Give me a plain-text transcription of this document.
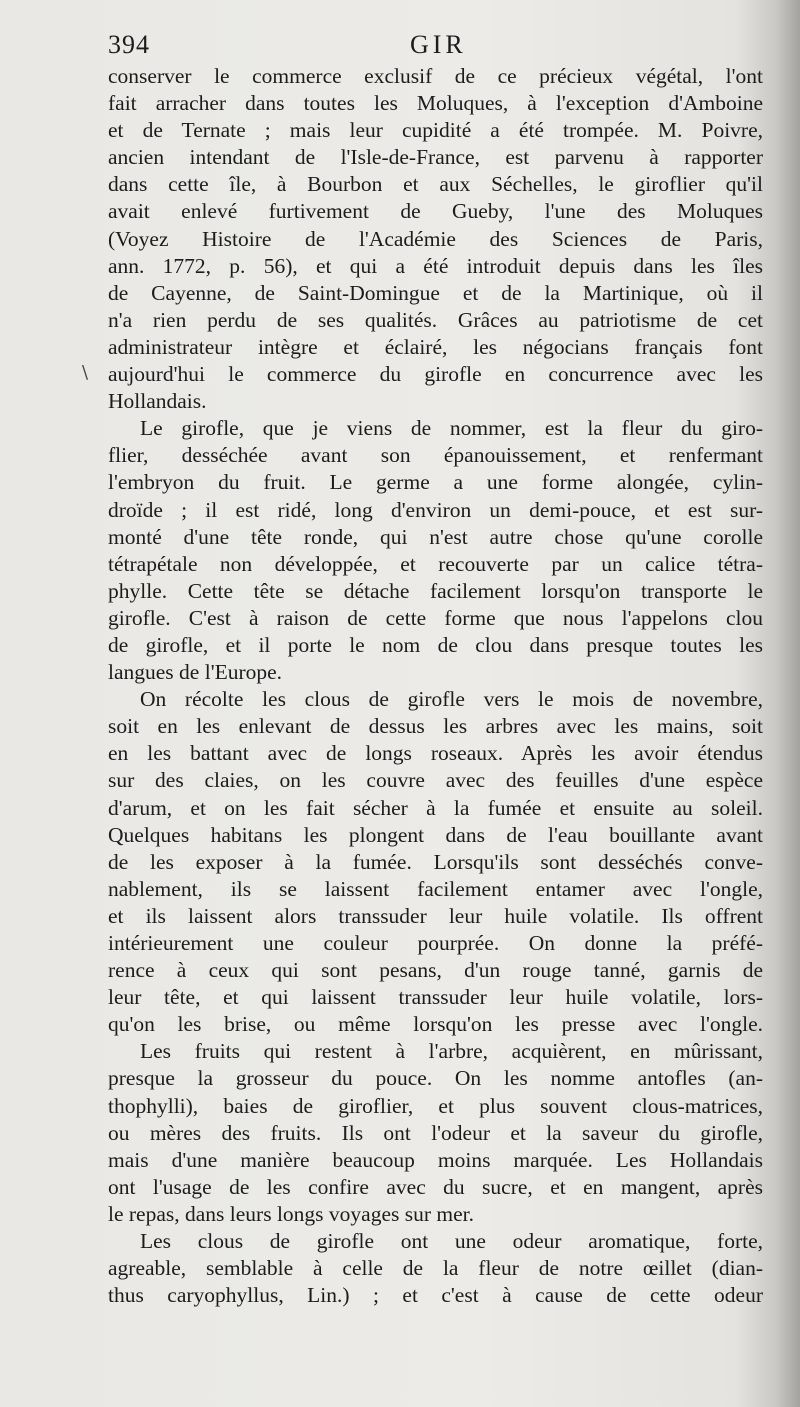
394	GIR
\
conserver le commerce exclusif de ce précieux végétal, l'ont
fait arracher dans toutes les Moluques, à l'exception d'Amboine
et de Ternate ; mais leur cupidité a été trompée. M. Poivre,
ancien intendant de l'Isle-de-France, est parvenu à rapporter
dans cette île, à Bourbon et aux Séchelles, le giroflier qu'il
avait enlevé furtivement de Gueby, l'une des Moluques
(Voyez Histoire de l'Académie des Sciences de Paris,
ann. 1772, p. 56), et qui a été introduit depuis dans les îles
de Cayenne, de Saint-Domingue et de la Martinique, où il
n'a rien perdu de ses qualités. Grâces au patriotisme de cet
administrateur intègre et éclairé, les négocians français font
aujourd'hui le commerce du girofle en concurrence avec les
Hollandais.
Le girofle, que je viens de nommer, est la fleur du giro-
flier, desséchée avant son épanouissement, et renfermant
l'embryon du fruit. Le germe a une forme alongée, cylin-
droïde ; il est ridé, long d'environ un demi-pouce, et est sur-
monté d'une tête ronde, qui n'est autre chose qu'une corolle
tétrapétale non développée, et recouverte par un calice tétra-
phylle. Cette tête se détache facilement lorsqu'on transporte le
girofle. C'est à raison de cette forme que nous l'appelons clou
de girofle, et il porte le nom de clou dans presque toutes les
langues de l'Europe.
On récolte les clous de girofle vers le mois de novembre,
soit en les enlevant de dessus les arbres avec les mains, soit
en les battant avec de longs roseaux. Après les avoir étendus
sur des claies, on les couvre avec des feuilles d'une espèce
d'arum, et on les fait sécher à la fumée et ensuite au soleil.
Quelques habitans les plongent dans de l'eau bouillante avant
de les exposer à la fumée. Lorsqu'ils sont desséchés conve-
nablement, ils se laissent facilement entamer avec l'ongle,
et ils laissent alors transsuder leur huile volatile. Ils offrent
intérieurement une couleur pourprée. On donne la préfé-
rence à ceux qui sont pesans, d'un rouge tanné, garnis de
leur tête, et qui laissent transsuder leur huile volatile, lors-
qu'on les brise, ou même lorsqu'on les presse avec l'ongle.
Les fruits qui restent à l'arbre, acquièrent, en mûrissant,
presque la grosseur du pouce. On les nomme antofles (an-
thophylli), baies de giroflier, et plus souvent clous-matrices,
ou mères des fruits. Ils ont l'odeur et la saveur du girofle,
mais d'une manière beaucoup moins marquée. Les Hollandais
ont l'usage de les confire avec du sucre, et en mangent, après
le repas, dans leurs longs voyages sur mer.
Les clous de girofle ont une odeur aromatique, forte,
agreable, semblable à celle de la fleur de notre œillet (dian-
thus caryophyllus, Lin.) ; et c'est à cause de cette odeur
